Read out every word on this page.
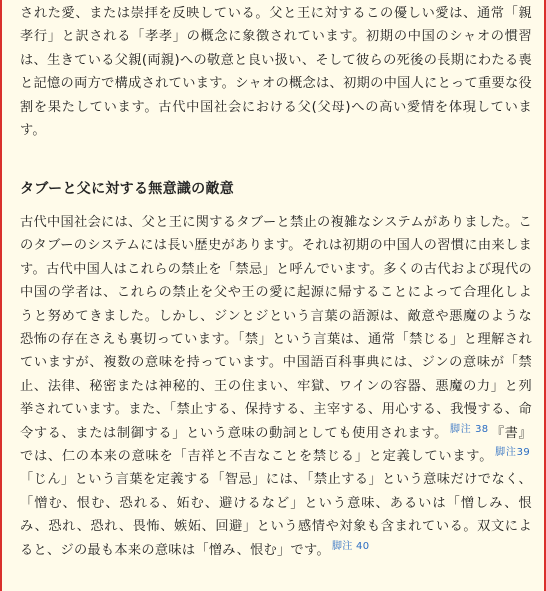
された愛、または崇拝を反映している。父と王に対するこの優しい愛は、通常「親孝行」と訳される「孝孝」の概念に象徴されています。初期の中国のシャオの慣習は、生きている父親(両親)への敬意と良い扱い、そして彼らの死後の長期にわたる喪と記憶の両方で構成されています。シャオの概念は、初期の中国人にとって重要な役割を果たしています。古代中国社会における父(父母)への高い愛情を体現しています。

タブーと父に対する無意識の敵意

古代中国社会には、父と王に関するタブーと禁止の複雑なシステムがありました。このタブーのシステムには長い歴史があります。それは初期の中国人の習慣に由来します。古代中国人はこれらの禁止を「禁忌」と呼んでいます。多くの古代および現代の中国の学者は、これらの禁止を父や王の愛に起源に帰することによって合理化しようと努めてきました。しかし、ジンとジという言葉の語源は、敵意や悪魔のような恐怖の存在さえも裏切っています。「禁」という言葉は、通常「禁じる」と理解されていますが、複数の意味を持っています。中国語百科事典には、ジンの意味が「禁止、法律、秘密または神秘的、王の住まい、牢獄、ワインの容器、悪魔の力」と列挙されています。また、「禁止する、保持する、主宰する、用心する、我慢する、命令する、または制御する」という意味の動詞としても使用されます。 $^{脚注 38}$ 『書』では、仁の本来の意味を「吉祥と不吉なことを禁じる」と定義しています。 $^{脚注39}$「じん」という言葉を定義する「智忌」には、「禁止する」という意味だけでなく、「憎む、恨む、恐れる、妬む、避けるなど」という意味、あるいは「憎しみ、恨み、恐れ、恐れ、畏怖、嫉妬、回避」という感情や対象も含まれている。双文によると、ジの最も本来の意味は「憎み、恨む」です。 $^{脚注 40}$
